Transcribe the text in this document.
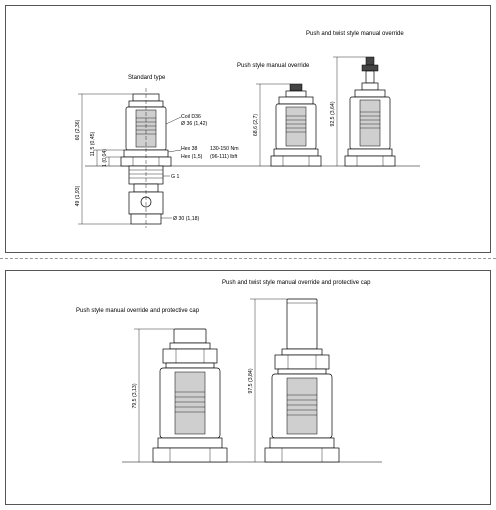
60 (2,36)
11,5 (0,45)
1 (0,04)
49 (1,93)
Standard type
Coil D36
Ø 36 (1,42)
Hex 38
Hex (1,5)
130-150 Nm
(96-111) lbft
G 1
Ø 30 (1,18)
68,6 (2,7)
Push style manual override
92,5 (3,64)
Push and twist style manual override
79,5 (3,13)
Push style manual override and protective cap
97,5 (3,84)
Push and twist style manual override and protective cap
